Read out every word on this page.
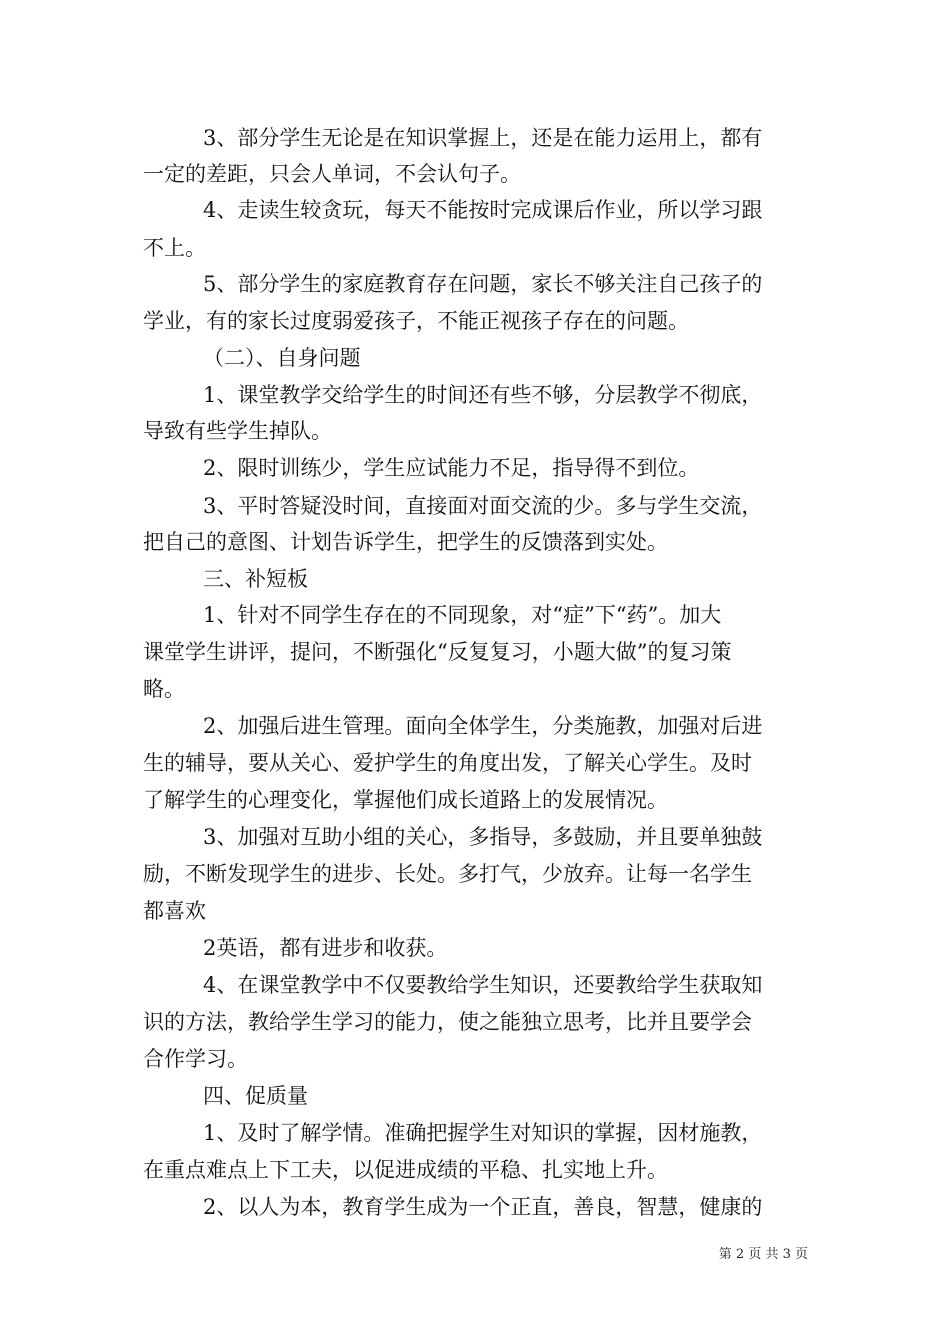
3、部分学生无论是在知识掌握上，还是在能力运用上，都有
一定的差距，只会人单词，不会认句子。
4、走读生较贪玩，每天不能按时完成课后作业，所以学习跟
不上。
5、部分学生的家庭教育存在问题，家长不够关注自己孩子的
学业，有的家长过度弱爱孩子，不能正视孩子存在的问题。
（二）、自身问题
1、课堂教学交给学生的时间还有些不够，分层教学不彻底，
导致有些学生掉队。
2、限时训练少，学生应试能力不足，指导得不到位。
3、平时答疑没时间，直接面对面交流的少。多与学生交流，
把自己的意图、计划告诉学生，把学生的反馈落到实处。
三、补短板
1、针对不同学生存在的不同现象，对“症”下“药”。加大
课堂学生讲评，提问，不断强化“反复复习，小题大做”的复习策
略。
2、加强后进生管理。面向全体学生，分类施教，加强对后进
生的辅导，要从关心、爱护学生的角度出发，了解关心学生。及时
了解学生的心理变化，掌握他们成长道路上的发展情况。
3、加强对互助小组的关心，多指导，多鼓励，并且要单独鼓
励，不断发现学生的进步、长处。多打气，少放弃。让每一名学生
都喜欢
2英语，都有进步和收获。
4、在课堂教学中不仅要教给学生知识，还要教给学生获取知
识的方法，教给学生学习的能力，使之能独立思考，比并且要学会
合作学习。
四、促质量
1、及时了解学情。准确把握学生对知识的掌握，因材施教，
在重点难点上下工夫，以促进成绩的平稳、扎实地上升。
2、以人为本，教育学生成为一个正直，善良，智慧，健康的
第 2 页 共 3 页
